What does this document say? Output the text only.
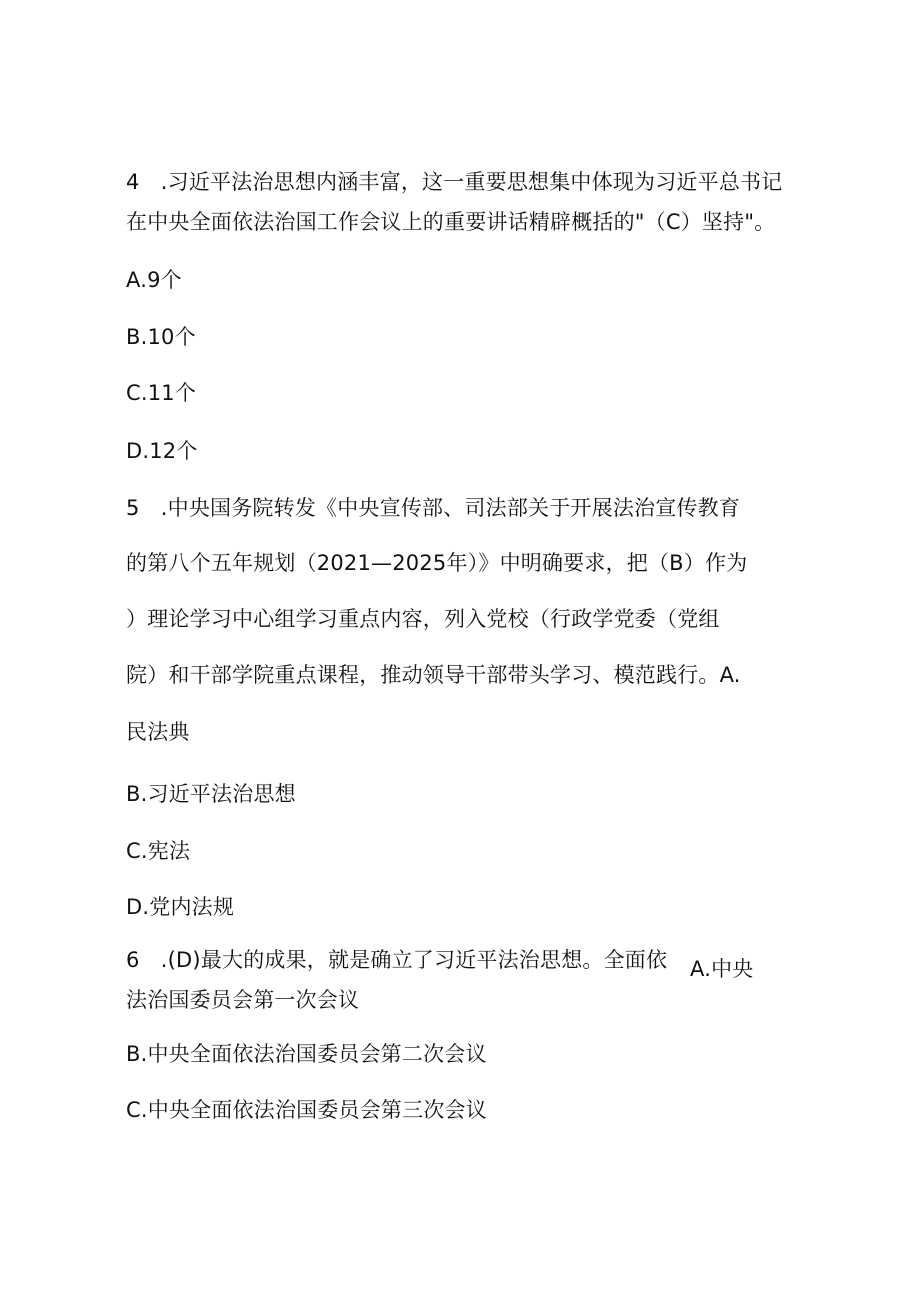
4　.习近平法治思想内涵丰富，这一重要思想集中体现为习近平总书记
在中央全面依法治国工作会议上的重要讲话精辟概括的"（C）坚持"。
A.9个
B.10个
C.11个
D.12个
5　.中央国务院转发《中央宣传部、司法部关于开展法治宣传教育
的第八个五年规划（2021—2025年）》中明确要求，把（B）作为
）理论学习中心组学习重点内容，列入党校（行政学党委（党组
院）和干部学院重点课程，推动领导干部带头学习、模范践行。A.
民法典
B.习近平法治思想
C.宪法
D.党内法规
6　.(D)最大的成果，就是确立了习近平法治思想。全面依 A.中央
法治国委员会第一次会议
B.中央全面依法治国委员会第二次会议
C.中央全面依法治国委员会第三次会议
